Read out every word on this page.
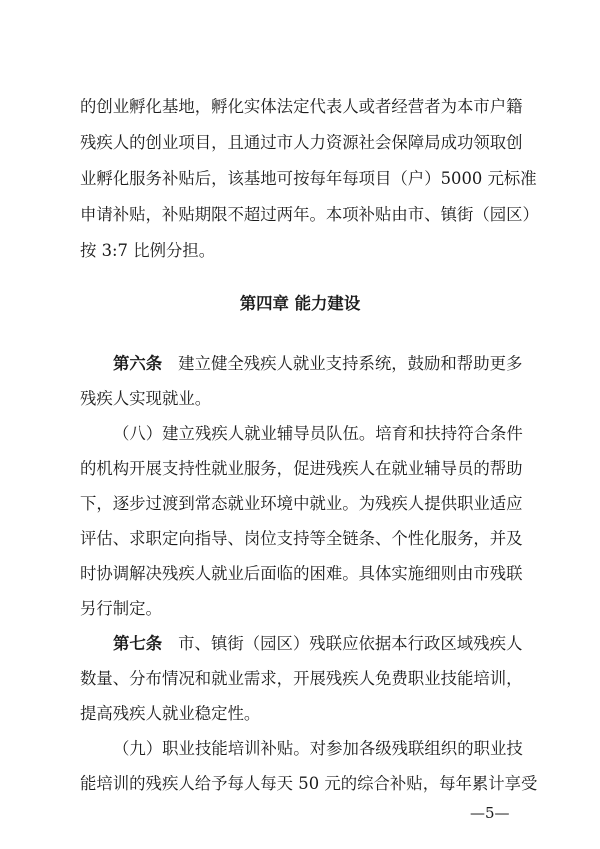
的创业孵化基地，孵化实体法定代表人或者经营者为本市户籍
残疾人的创业项目，且通过市人力资源社会保障局成功领取创
业孵化服务补贴后，该基地可按每年每项目（户）5000 元标准
申请补贴，补贴期限不超过两年。本项补贴由市、镇街（园区）
按 3:7 比例分担。
第四章 能力建设
第六条 建立健全残疾人就业支持系统，鼓励和帮助更多
残疾人实现就业。
（八）建立残疾人就业辅导员队伍。培育和扶持符合条件
的机构开展支持性就业服务，促进残疾人在就业辅导员的帮助
下，逐步过渡到常态就业环境中就业。为残疾人提供职业适应
评估、求职定向指导、岗位支持等全链条、个性化服务，并及
时协调解决残疾人就业后面临的困难。具体实施细则由市残联
另行制定。
第七条 市、镇街（园区）残联应依据本行政区域残疾人
数量、分布情况和就业需求，开展残疾人免费职业技能培训，
提高残疾人就业稳定性。
（九）职业技能培训补贴。对参加各级残联组织的职业技
能培训的残疾人给予每人每天 50 元的综合补贴，每年累计享受
—5—
